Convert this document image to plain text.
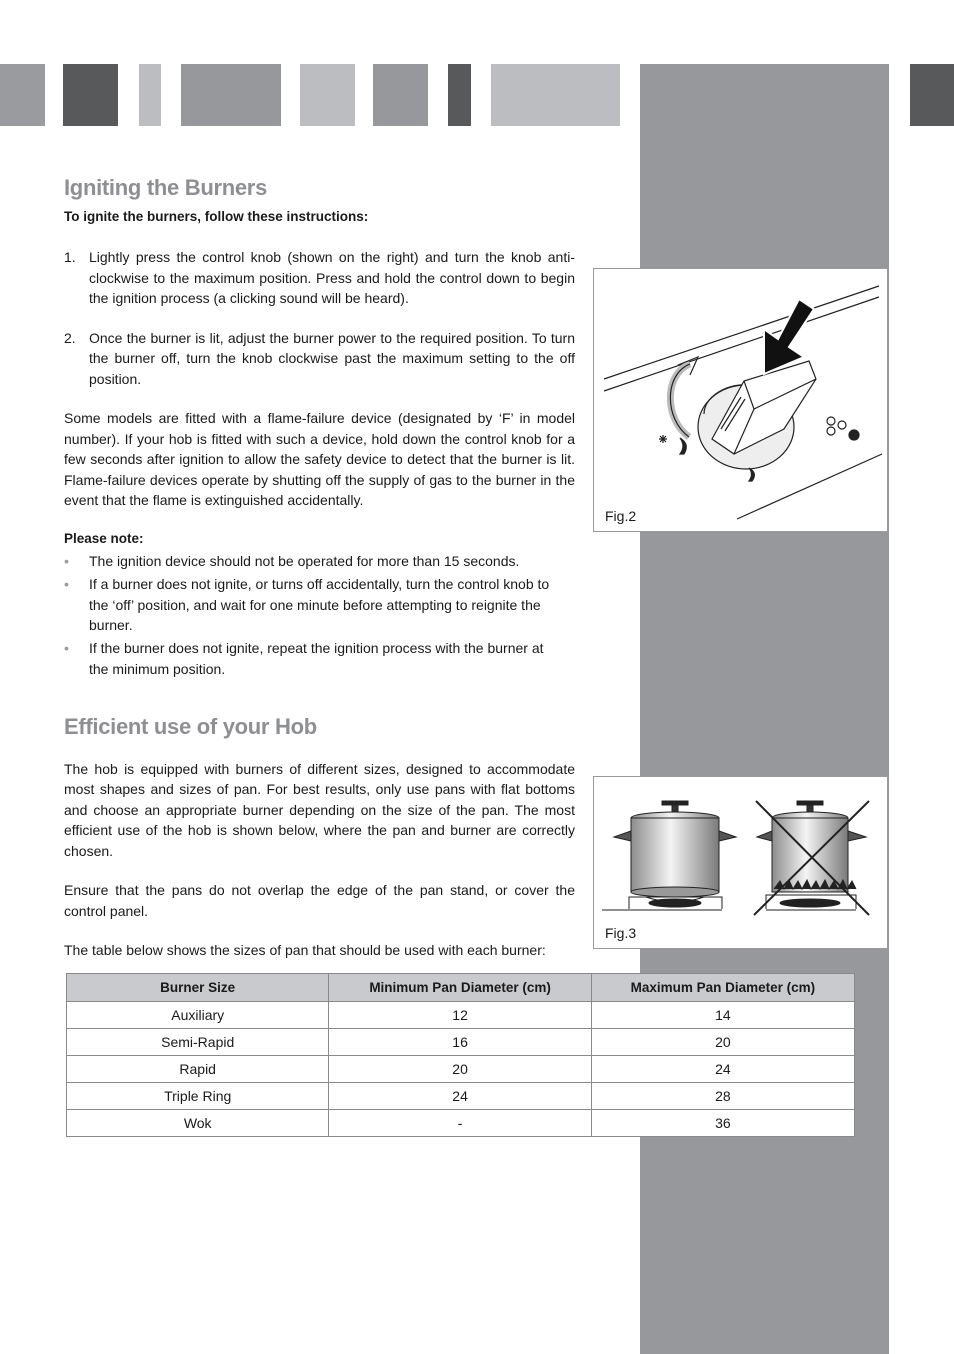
Igniting the Burners
To ignite the burners, follow these instructions:
1. Lightly press the control knob (shown on the right) and turn the knob anti-clockwise to the maximum position. Press and hold the control down to begin the ignition process (a clicking sound will be heard).
2. Once the burner is lit, adjust the burner power to the required position. To turn the burner off, turn the knob clockwise past the maximum setting to the off position.

Some models are fitted with a flame-failure device (designated by ‘F’ in model number). If your hob is fitted with such a device, hold down the control knob for a few seconds after ignition to allow the safety device to detect that the burner is lit. Flame-failure devices operate by shutting off the supply of gas to the burner in the event that the flame is extinguished accidentally.

Please note:
• The ignition device should not be operated for more than 15 seconds.
• If a burner does not ignite, or turns off accidentally, turn the control knob to the ‘off’ position, and wait for one minute before attempting to reignite the burner.
• If the burner does not ignite, repeat the ignition process with the burner at the minimum position.
Efficient use of your Hob

The hob is equipped with burners of different sizes, designed to accommodate most shapes and sizes of pan. For best results, only use pans with flat bottoms and choose an appropriate burner depending on the size of the pan. The most efficient use of the hob is shown below, where the pan and burner are correctly chosen.

Ensure that the pans do not overlap the edge of the pan stand, or cover the control panel.

The table below shows the sizes of pan that should be used with each burner:

Fig.2
Fig.3
Burner Size	Minimum Pan Diameter (cm)	Maximum Pan Diameter (cm)
Auxiliary	12	14
Semi-Rapid	16	20
Rapid	20	24
Triple Ring	24	28
Wok	-	36
